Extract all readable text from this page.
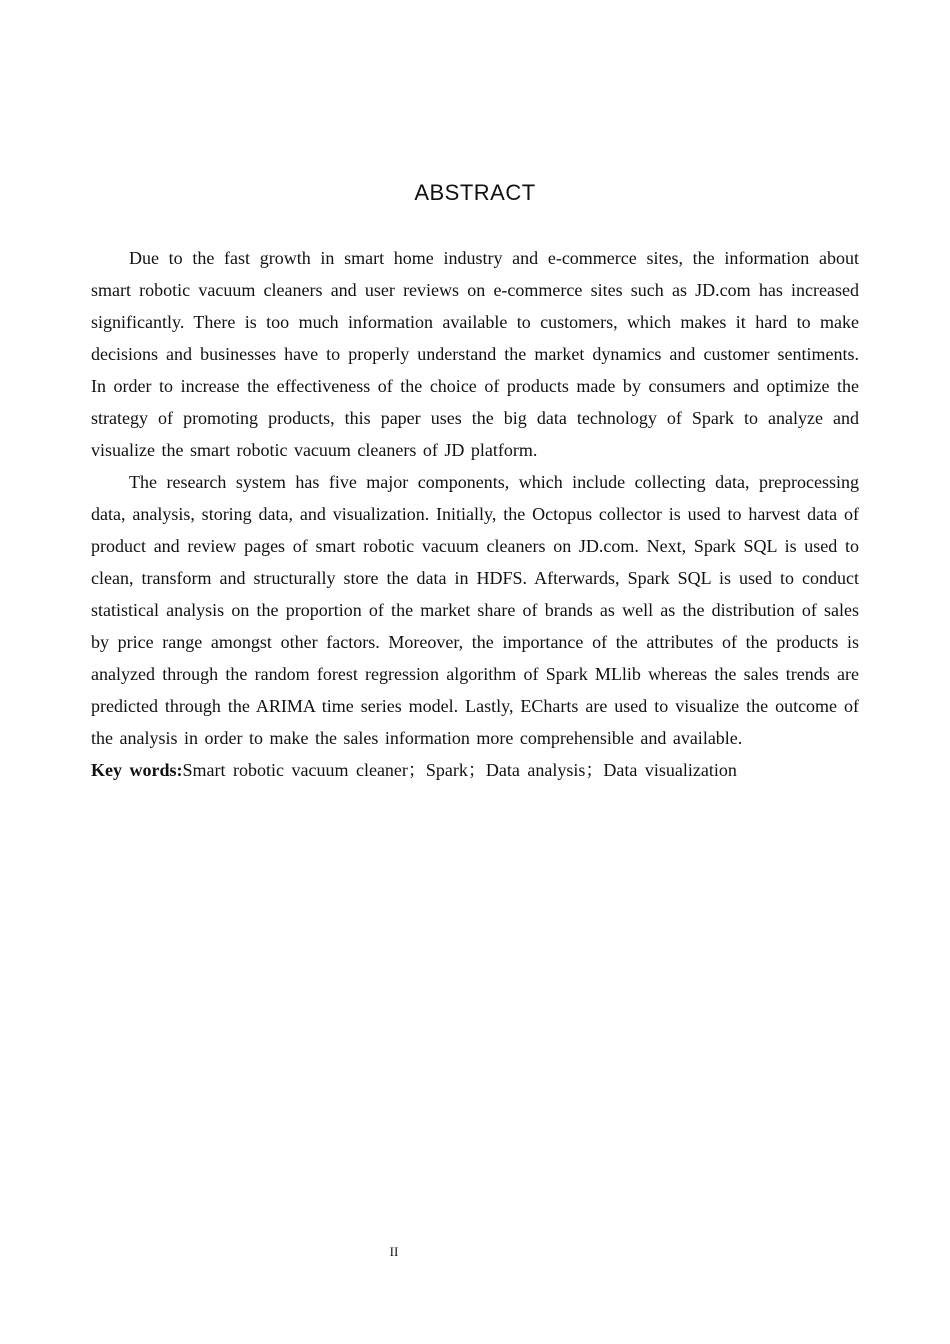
ABSTRACT

Due to the fast growth in smart home industry and e-commerce sites, the information about smart robotic vacuum cleaners and user reviews on e-commerce sites such as JD.com has increased significantly. There is too much information available to customers, which makes it hard to make decisions and businesses have to properly understand the market dynamics and customer sentiments. In order to increase the effectiveness of the choice of products made by consumers and optimize the strategy of promoting products, this paper uses the big data technology of Spark to analyze and visualize the smart robotic vacuum cleaners of JD platform.

The research system has five major components, which include collecting data, preprocessing data, analysis, storing data, and visualization. Initially, the Octopus collector is used to harvest data of product and review pages of smart robotic vacuum cleaners on JD.com. Next, Spark SQL is used to clean, transform and structurally store the data in HDFS. Afterwards, Spark SQL is used to conduct statistical analysis on the proportion of the market share of brands as well as the distribution of sales by price range amongst other factors. Moreover, the importance of the attributes of the products is analyzed through the random forest regression algorithm of Spark MLlib whereas the sales trends are predicted through the ARIMA time series model. Lastly, ECharts are used to visualize the outcome of the analysis in order to make the sales information more comprehensible and available.

Key words:Smart robotic vacuum cleaner；Spark；Data analysis；Data visualization

II
